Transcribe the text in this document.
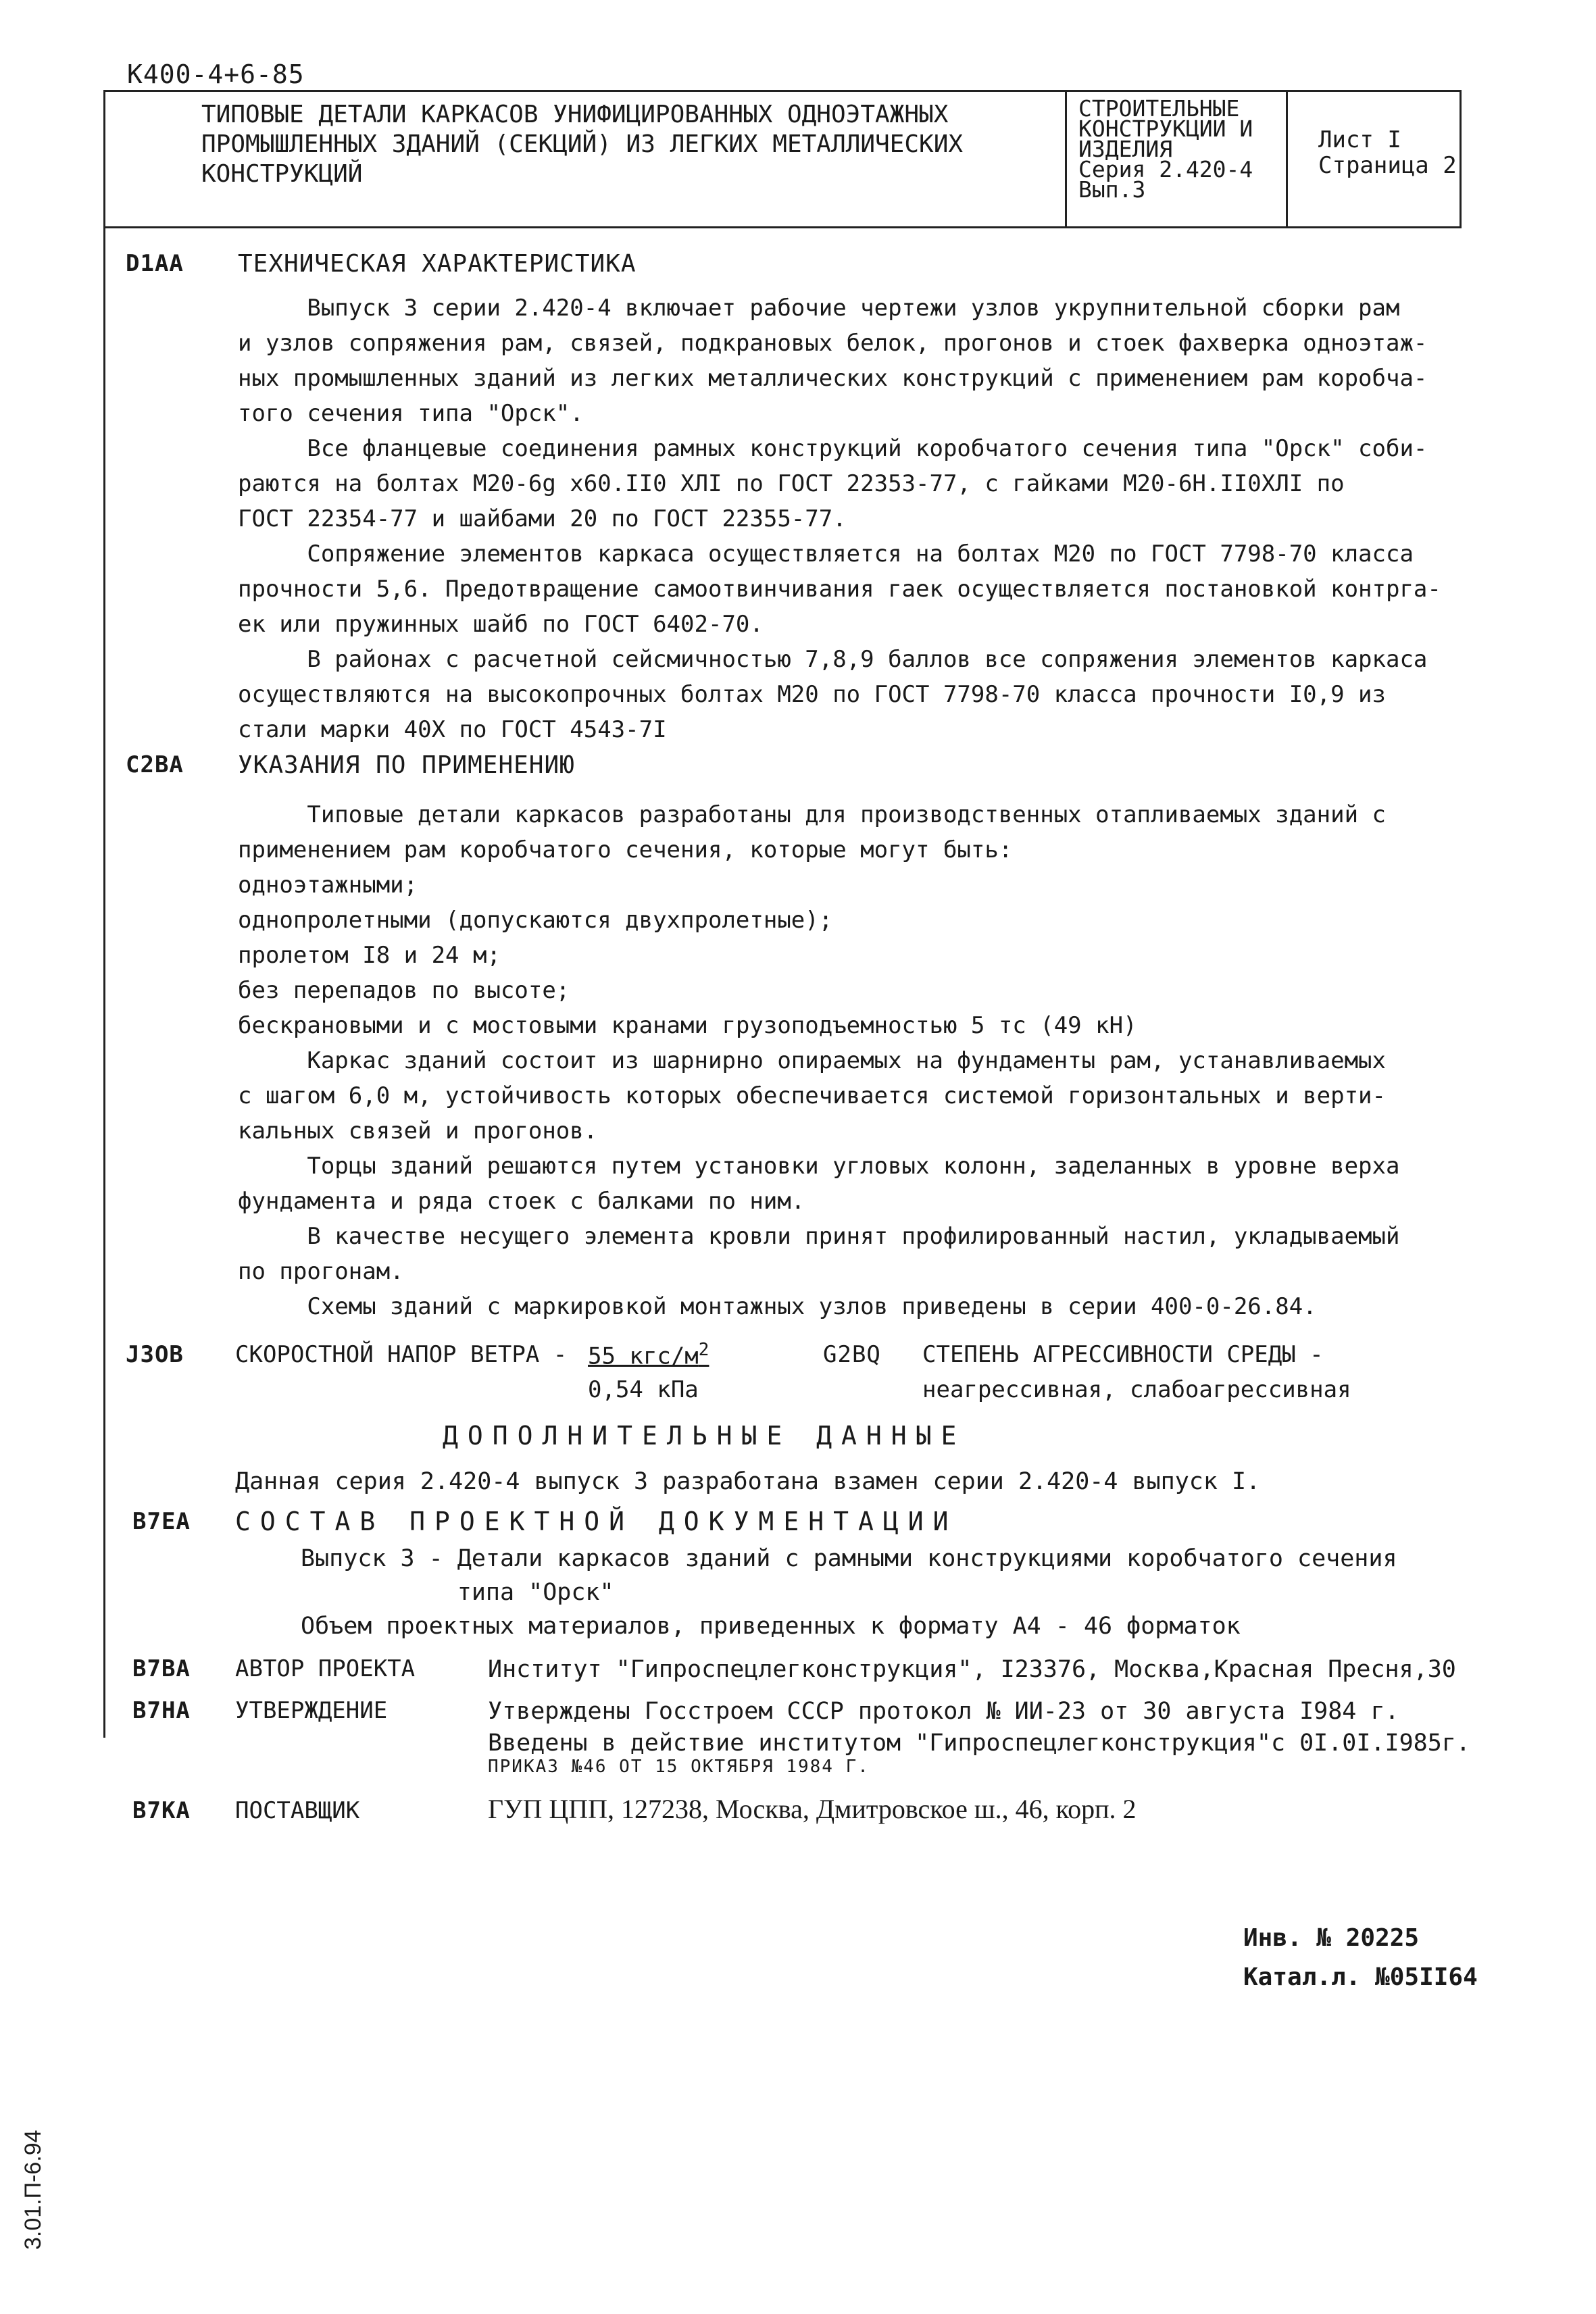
К400-4+6-85
ТИПОВЫЕ ДЕТАЛИ КАРКАСОВ УНИФИЦИРОВАННЫХ ОДНОЭТАЖНЫХ
ПРОМЫШЛЕННЫХ ЗДАНИЙ (СЕКЦИЙ) ИЗ ЛЕГКИХ МЕТАЛЛИЧЕСКИХ
КОНСТРУКЦИЙ
СТРОИТЕЛЬНЫЕ
КОНСТРУКЦИИ И
ИЗДЕЛИЯ
Серия 2.420-4
Вып.3
Лист I
Страница 2
D1AA ТЕХНИЧЕСКАЯ ХАРАКТЕРИСТИКА
Выпуск 3 серии 2.420-4 включает рабочие чертежи узлов укрупнительной сборки рам
и узлов сопряжения рам, связей, подкрановых белок, прогонов и стоек фахверка одноэтаж-
ных промышленных зданий из легких металлических конструкций с применением рам коробча-
того сечения типа "Орск".
Все фланцевые соединения рамных конструкций коробчатого сечения типа "Орск" соби-
раются на болтах М20-6g х60.II0 ХЛI по ГОСТ 22353-77, с гайками М20-6Н.II0ХЛI по
ГОСТ 22354-77 и шайбами 20 по ГОСТ 22355-77.
Сопряжение элементов каркаса осуществляется на болтах М20 по ГОСТ 7798-70 класса
прочности 5,6. Предотвращение самоотвинчивания гаек осуществляется постановкой контрга-
ек или пружинных шайб по ГОСТ 6402-70.
В районах с расчетной сейсмичностью 7,8,9 баллов все сопряжения элементов каркаса
осуществляются на высокопрочных болтах М20 по ГОСТ 7798-70 класса прочности I0,9 из
стали марки 40Х по ГОСТ 4543-7I
C2BA УКАЗАНИЯ ПО ПРИМЕНЕНИЮ
Типовые детали каркасов разработаны для производственных отапливаемых зданий с
применением рам коробчатого сечения, которые могут быть:
одноэтажными;
однопролетными (допускаются двухпролетные);
пролетом I8 и 24 м;
без перепадов по высоте;
бескрановыми и с мостовыми кранами грузоподъемностью 5 тс (49 кН)
Каркас зданий состоит из шарнирно опираемых на фундаменты рам, устанавливаемых
с шагом 6,0 м, устойчивость которых обеспечивается системой горизонтальных и верти-
кальных связей и прогонов.
Торцы зданий решаются путем установки угловых колонн, заделанных в уровне верха
фундамента и ряда стоек с балками по ним.
В качестве несущего элемента кровли принят профилированный настил, укладываемый
по прогонам.
Схемы зданий с маркировкой монтажных узлов приведены в серии 400-0-26.84.
J3OB СКОРОСТНОЙ НАПОР ВЕТРА - 55 кгс/$м^2$
0,54 кПа
G2BQ СТЕПЕНЬ АГРЕССИВНОСТИ СРЕДЫ -
неагрессивная, слабоагрессивная
ДОПОЛНИТЕЛЬНЫЕ ДАННЫЕ
Данная серия 2.420-4 выпуск 3 разработана взамен серии 2.420-4 выпуск I.
B7EA СОСТАВ ПРОЕКТНОЙ ДОКУМЕНТАЦИИ
Выпуск 3 - Детали каркасов зданий с рамными конструкциями коробчатого сечения
типа "Орск"
Объем проектных материалов, приведенных к формату А4 - 46 форматок
B7BA АВТОР ПРОЕКТА	Институт "Гипроспецлегконструкция", I23376, Москва,Красная Пресня,30
B7HA УТВЕРЖДЕНИЕ	Утверждены Госстроем СССР протокол № ИИ-23 от 30 августа I984 г.
Введены в действие институтом "Гипроспецлегконструкция"с 0I.0I.I985г.
ПРИКАЗ №46 ОТ 15 ОКТЯБРЯ 1984 Г.
B7KA ПОСТАВЩИК	ГУП ЦПП, 127238, Москва, Дмитровское ш., 46, корп. 2
Инв. № 20225
Катал.л. №05II64
3.01.П-6.94
